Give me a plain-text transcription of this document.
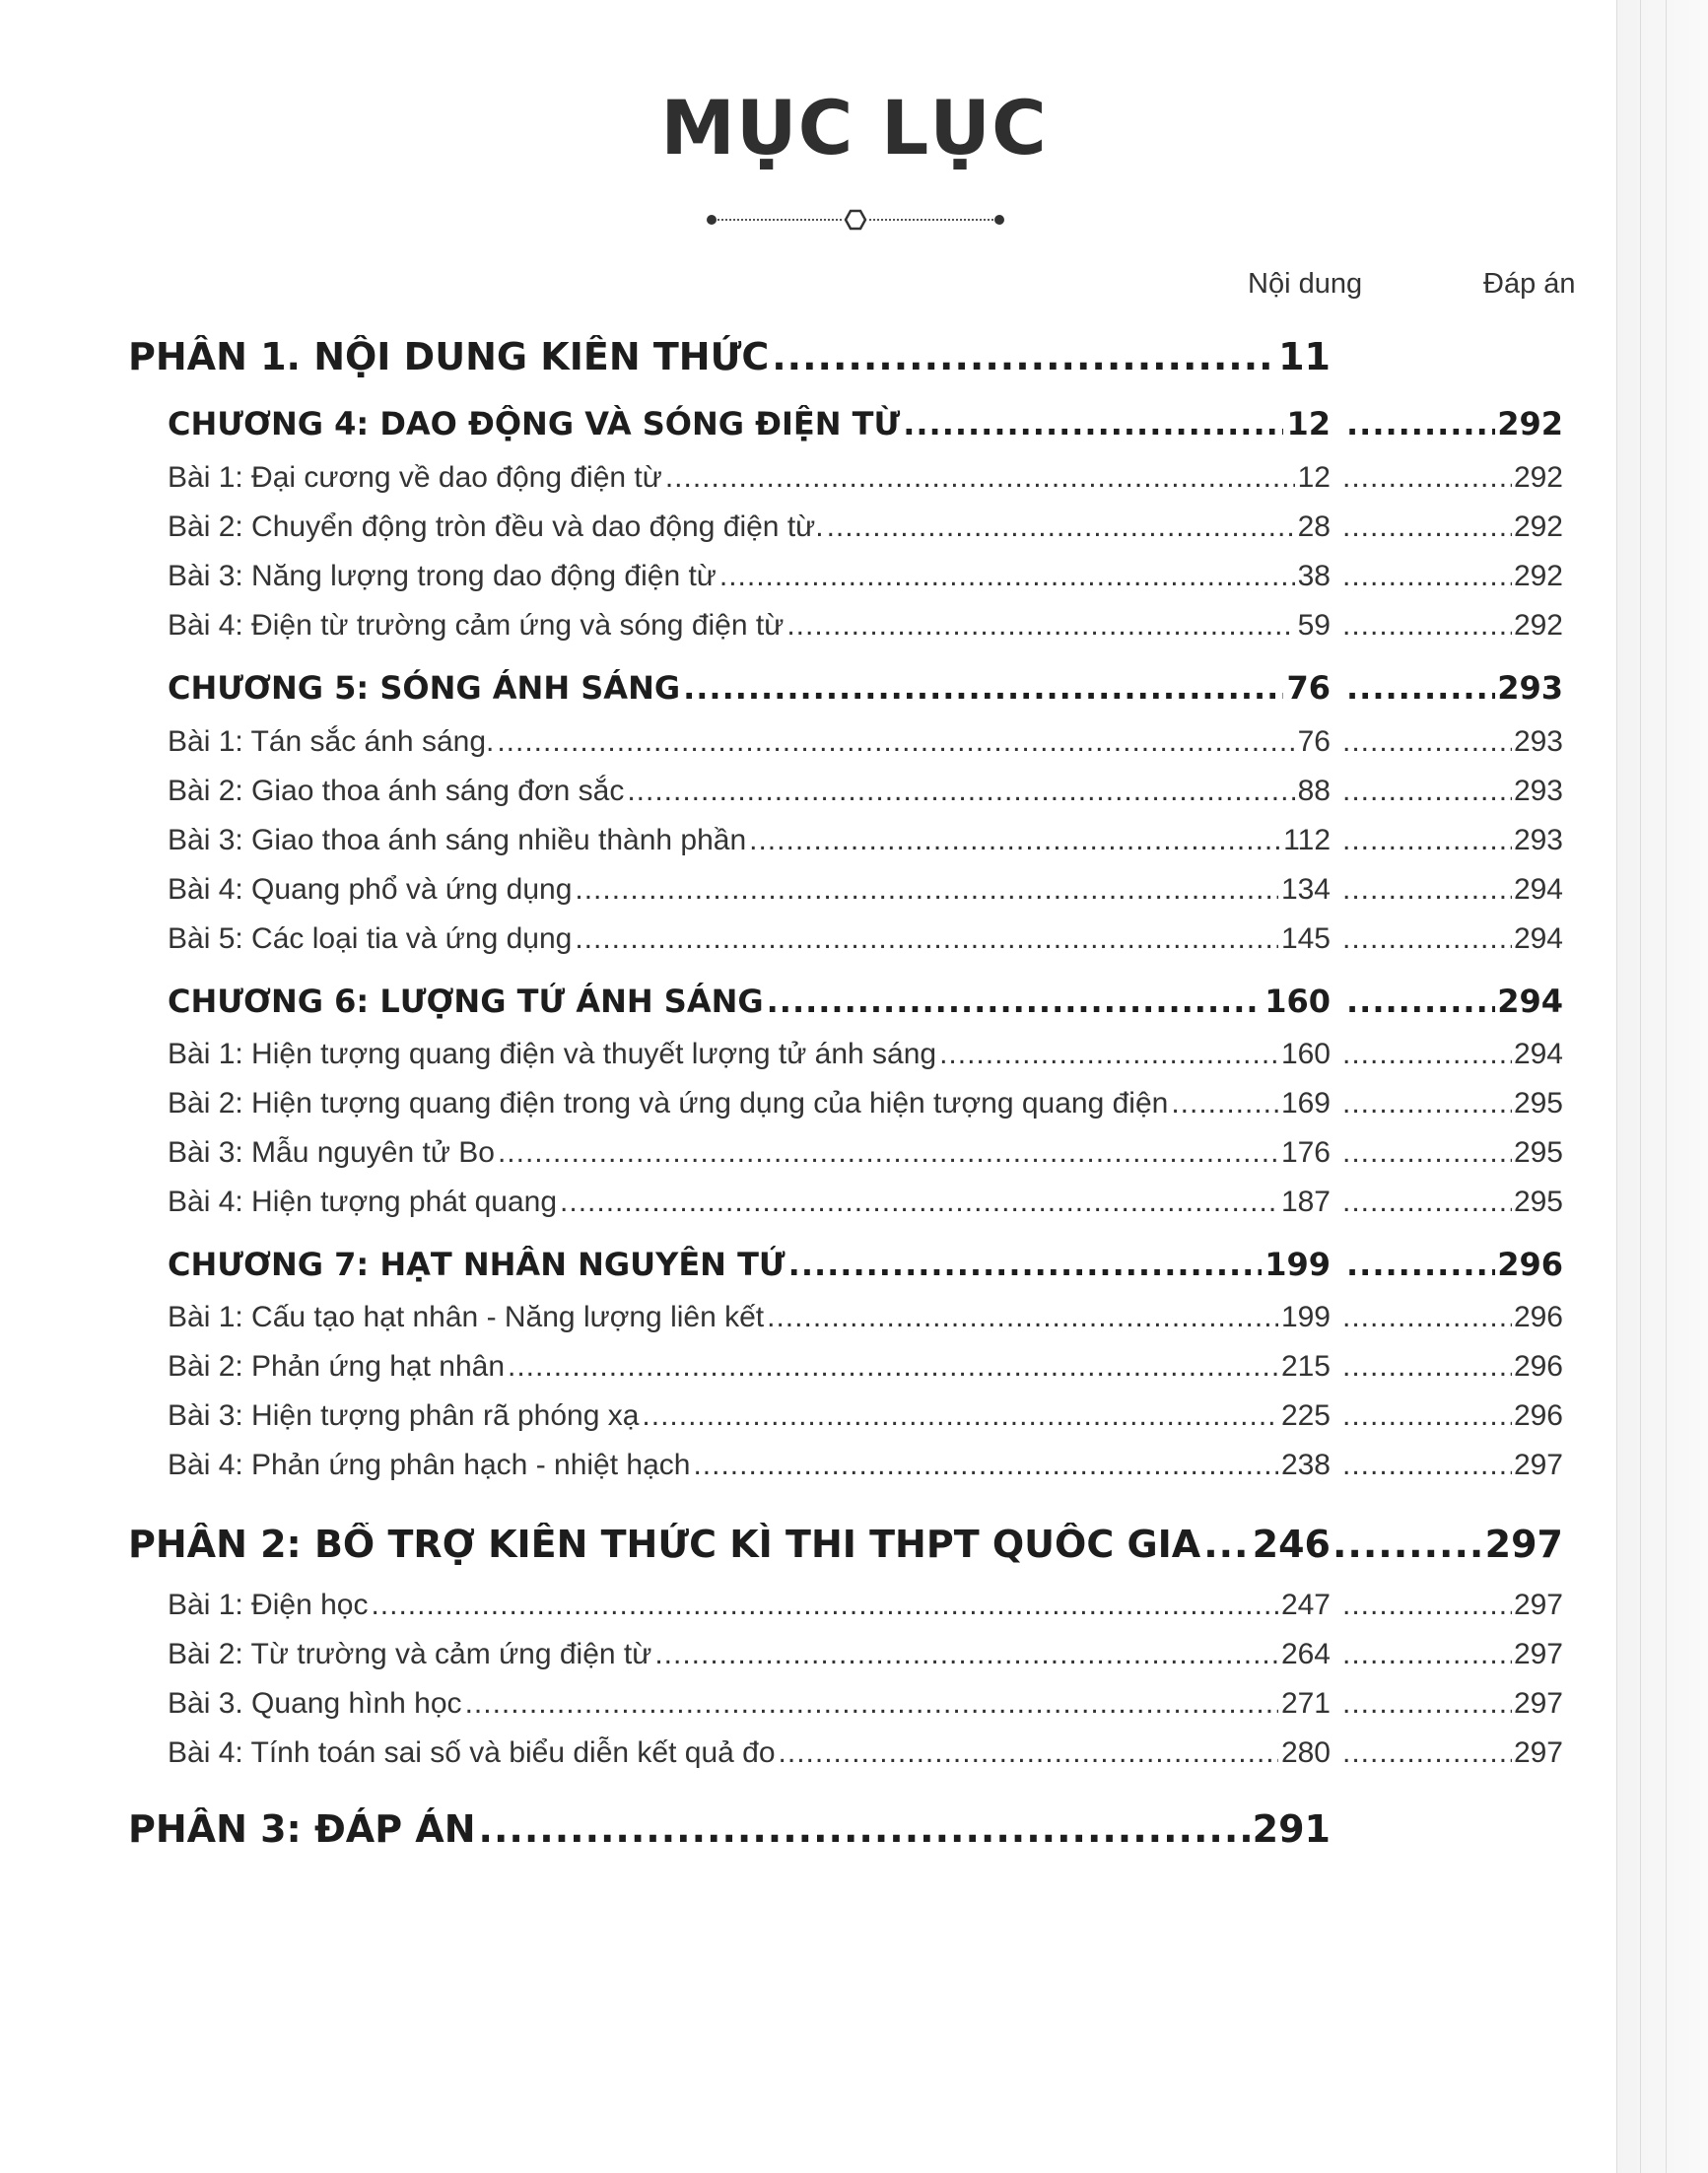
MỤC LỤC
Nội dung	Đáp án
PHẦN 1. NỘI DUNG KIẾN THỨC .....	11
CHƯƠNG 4: DAO ĐỘNG VÀ SÓNG ĐIỆN TỪ .....	12 .....	292
Bài 1: Đại cương về dao động điện từ .....	12 .....	292
Bài 2: Chuyển động tròn đều và dao động điện từ. .....	28 .....	292
Bài 3: Năng lượng trong dao động điện từ .....	38 .....	292
Bài 4: Điện từ trường cảm ứng và sóng điện từ .....	59 .....	292
CHƯƠNG 5: SÓNG ÁNH SÁNG .....	76 .....	293
Bài 1: Tán sắc ánh sáng. .....	76 .....	293
Bài 2: Giao thoa ánh sáng đơn sắc .....	88 .....	293
Bài 3: Giao thoa ánh sáng nhiều thành phần .....	112 .....	293
Bài 4: Quang phổ và ứng dụng .....	134 .....	294
Bài 5: Các loại tia và ứng dụng .....	145 .....	294
CHƯƠNG 6: LƯỢNG TỬ ÁNH SÁNG .....	160 .....	294
Bài 1: Hiện tượng quang điện và thuyết lượng tử ánh sáng .....	160 .....	294
Bài 2: Hiện tượng quang điện trong và ứng dụng của hiện tượng quang điện .....	169 .....	295
Bài 3: Mẫu nguyên tử Bo .....	176 .....	295
Bài 4: Hiện tượng phát quang .....	187 .....	295
CHƯƠNG 7: HẠT NHÂN NGUYÊN TỬ .....	199 .....	296
Bài 1: Cấu tạo hạt nhân - Năng lượng liên kết .....	199 .....	296
Bài 2: Phản ứng hạt nhân .....	215 .....	296
Bài 3: Hiện tượng phân rã phóng xạ .....	225 .....	296
Bài 4: Phản ứng phân hạch - nhiệt hạch .....	238 .....	297
PHẦN 2: BỔ TRỢ KIẾN THỨC KÌ THI THPT QUỐC GIA ..... 246 .....	297
Bài 1: Điện học .....	247 .....	297
Bài 2: Từ trường và cảm ứng điện từ .....	264 .....	297
Bài 3. Quang hình học .....	271 .....	297
Bài 4: Tính toán sai số và biểu diễn kết quả đo .....	280 .....	297
PHẦN 3: ĐÁP ÁN .....	291
